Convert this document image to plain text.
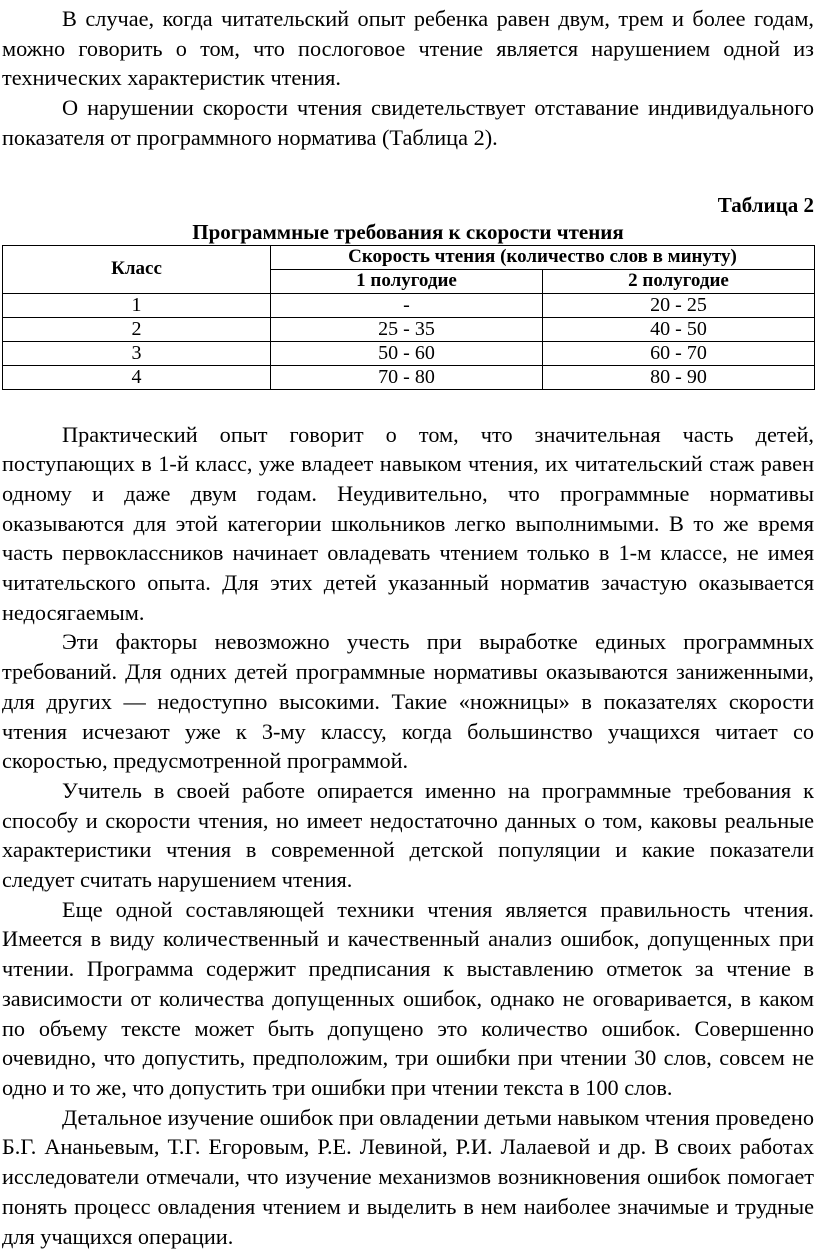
В случае, когда читательский опыт ребенка равен двум, трем и более годам, можно говорить о том, что послоговое чтение является нарушением одной из технических характеристик чтения.

О нарушении скорости чтения свидетельствует отставание индивидуального показателя от программного норматива (Таблица 2).

Таблица 2

Программные требования к скорости чтения

Класс	Скорость чтения (количество слов в минуту)	
	1 полугодие	2 полугодие
1	-	20 - 25
2	25 - 35	40 - 50
3	50 - 60	60 - 70
4	70 - 80	80 - 90

Практический опыт говорит о том, что значительная часть детей, поступающих в 1-й класс, уже владеет навыком чтения, их читательский стаж равен одному и даже двум годам. Неудивительно, что программные нормативы оказываются для этой категории школьников легко выполнимыми. В то же время часть первоклассников начинает овладевать чтением только в 1-м классе, не имея читательского опыта. Для этих детей указанный норматив зачастую оказывается недосягаемым.

Эти факторы невозможно учесть при выработке единых программных требований. Для одних детей программные нормативы оказываются заниженными, для других — недоступно высокими. Такие «ножницы» в показателях скорости чтения исчезают уже к 3-му классу, когда большинство учащихся читает со скоростью, предусмотренной программой.

Учитель в своей работе опирается именно на программные требования к способу и скорости чтения, но имеет недостаточно данных о том, каковы реальные характеристики чтения в современной детской популяции и какие показатели следует считать нарушением чтения.

Еще одной составляющей техники чтения является правильность чтения. Имеется в виду количественный и качественный анализ ошибок, допущенных при чтении. Программа содержит предписания к выставлению отметок за чтение в зависимости от количества допущенных ошибок, однако не оговаривается, в каком по объему тексте может быть допущено это количество ошибок. Совершенно очевидно, что допустить, предположим, три ошибки при чтении 30 слов, совсем не одно и то же, что допустить три ошибки при чтении текста в 100 слов.

Детальное изучение ошибок при овладении детьми навыком чтения проведено Б.Г. Ананьевым, Т.Г. Егоровым, Р.Е. Левиной, Р.И. Лалаевой и др. В своих работах исследователи отмечали, что изучение механизмов возникновения ошибок помогает понять процесс овладения чтением и выделить в нем наиболее значимые и трудные для учащихся операции.
